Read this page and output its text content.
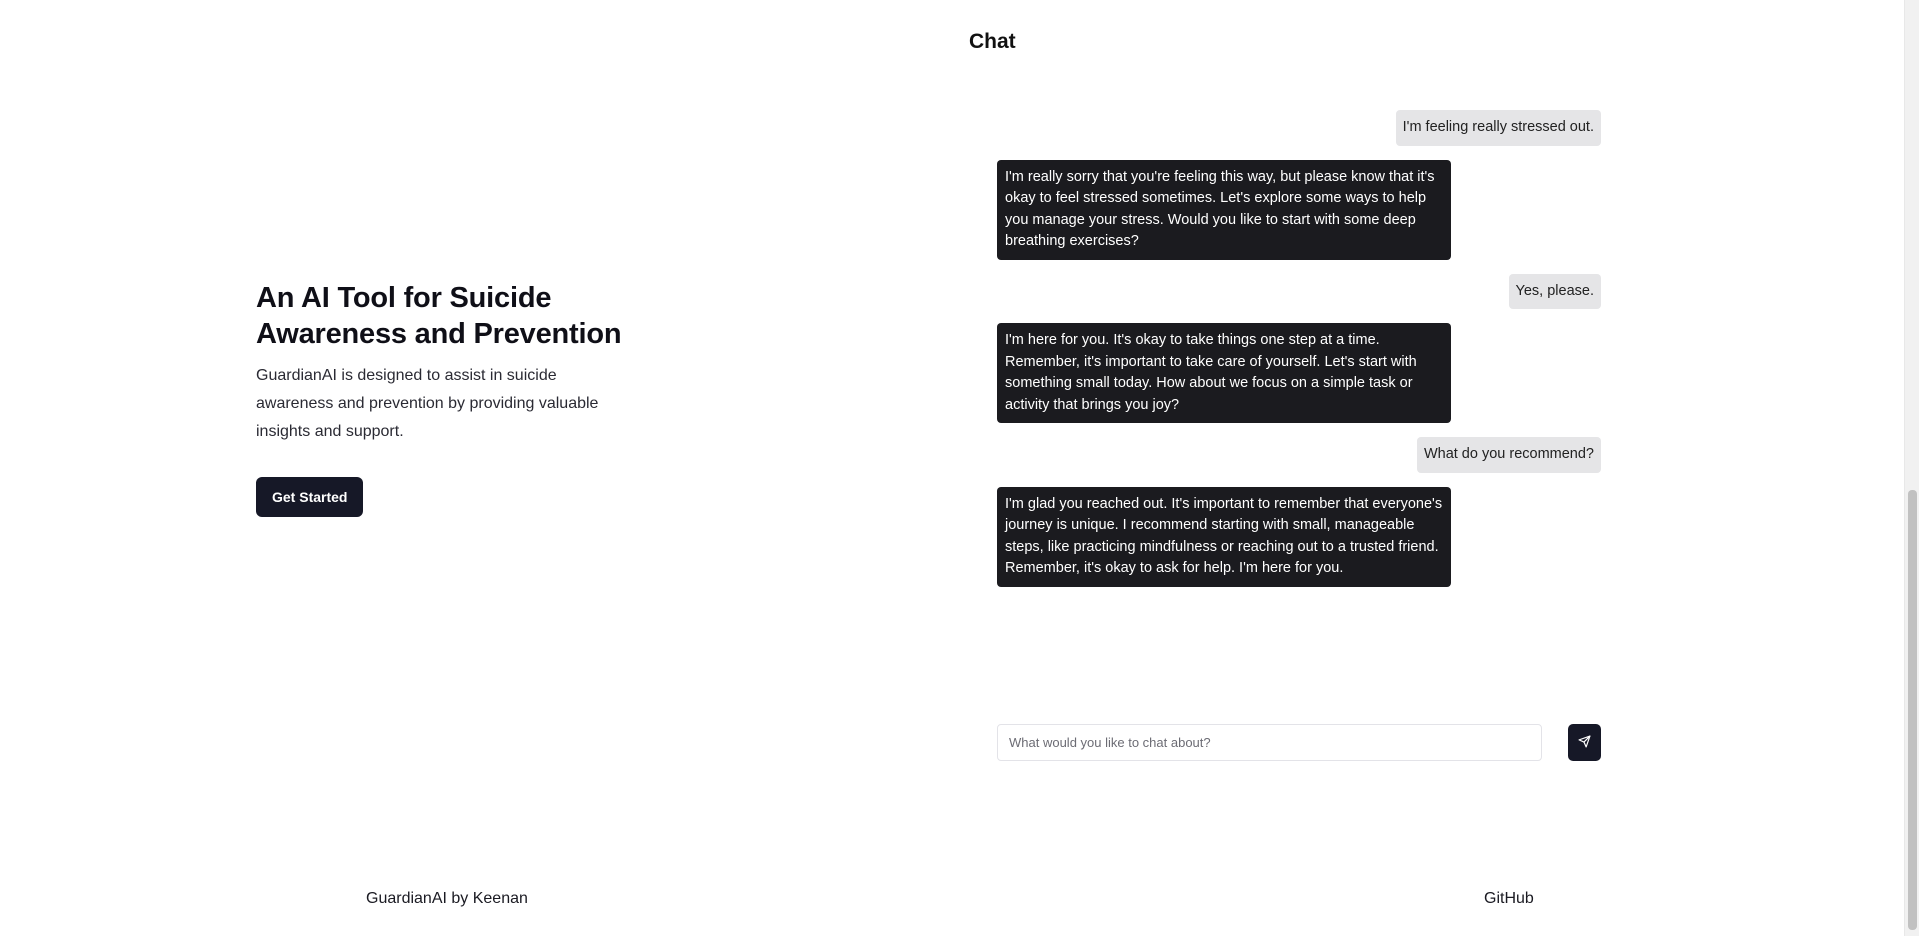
An AI Tool for Suicide Awareness and Prevention

GuardianAI is designed to assist in suicide awareness and prevention by providing valuable insights and support.

Get Started
Chat
I'm feeling really stressed out.
I'm really sorry that you're feeling this way, but please know that it's okay to feel stressed sometimes. Let's explore some ways to help you manage your stress. Would you like to start with some deep breathing exercises?
Yes, please.
I'm here for you. It's okay to take things one step at a time. Remember, it's important to take care of yourself. Let's start with something small today. How about we focus on a simple task or activity that brings you joy?
What do you recommend?
I'm glad you reached out. It's important to remember that everyone's journey is unique. I recommend starting with small, manageable steps, like practicing mindfulness or reaching out to a trusted friend. Remember, it's okay to ask for help. I'm here for you.
What would you like to chat about?
GuardianAI by Keenan	GitHub
